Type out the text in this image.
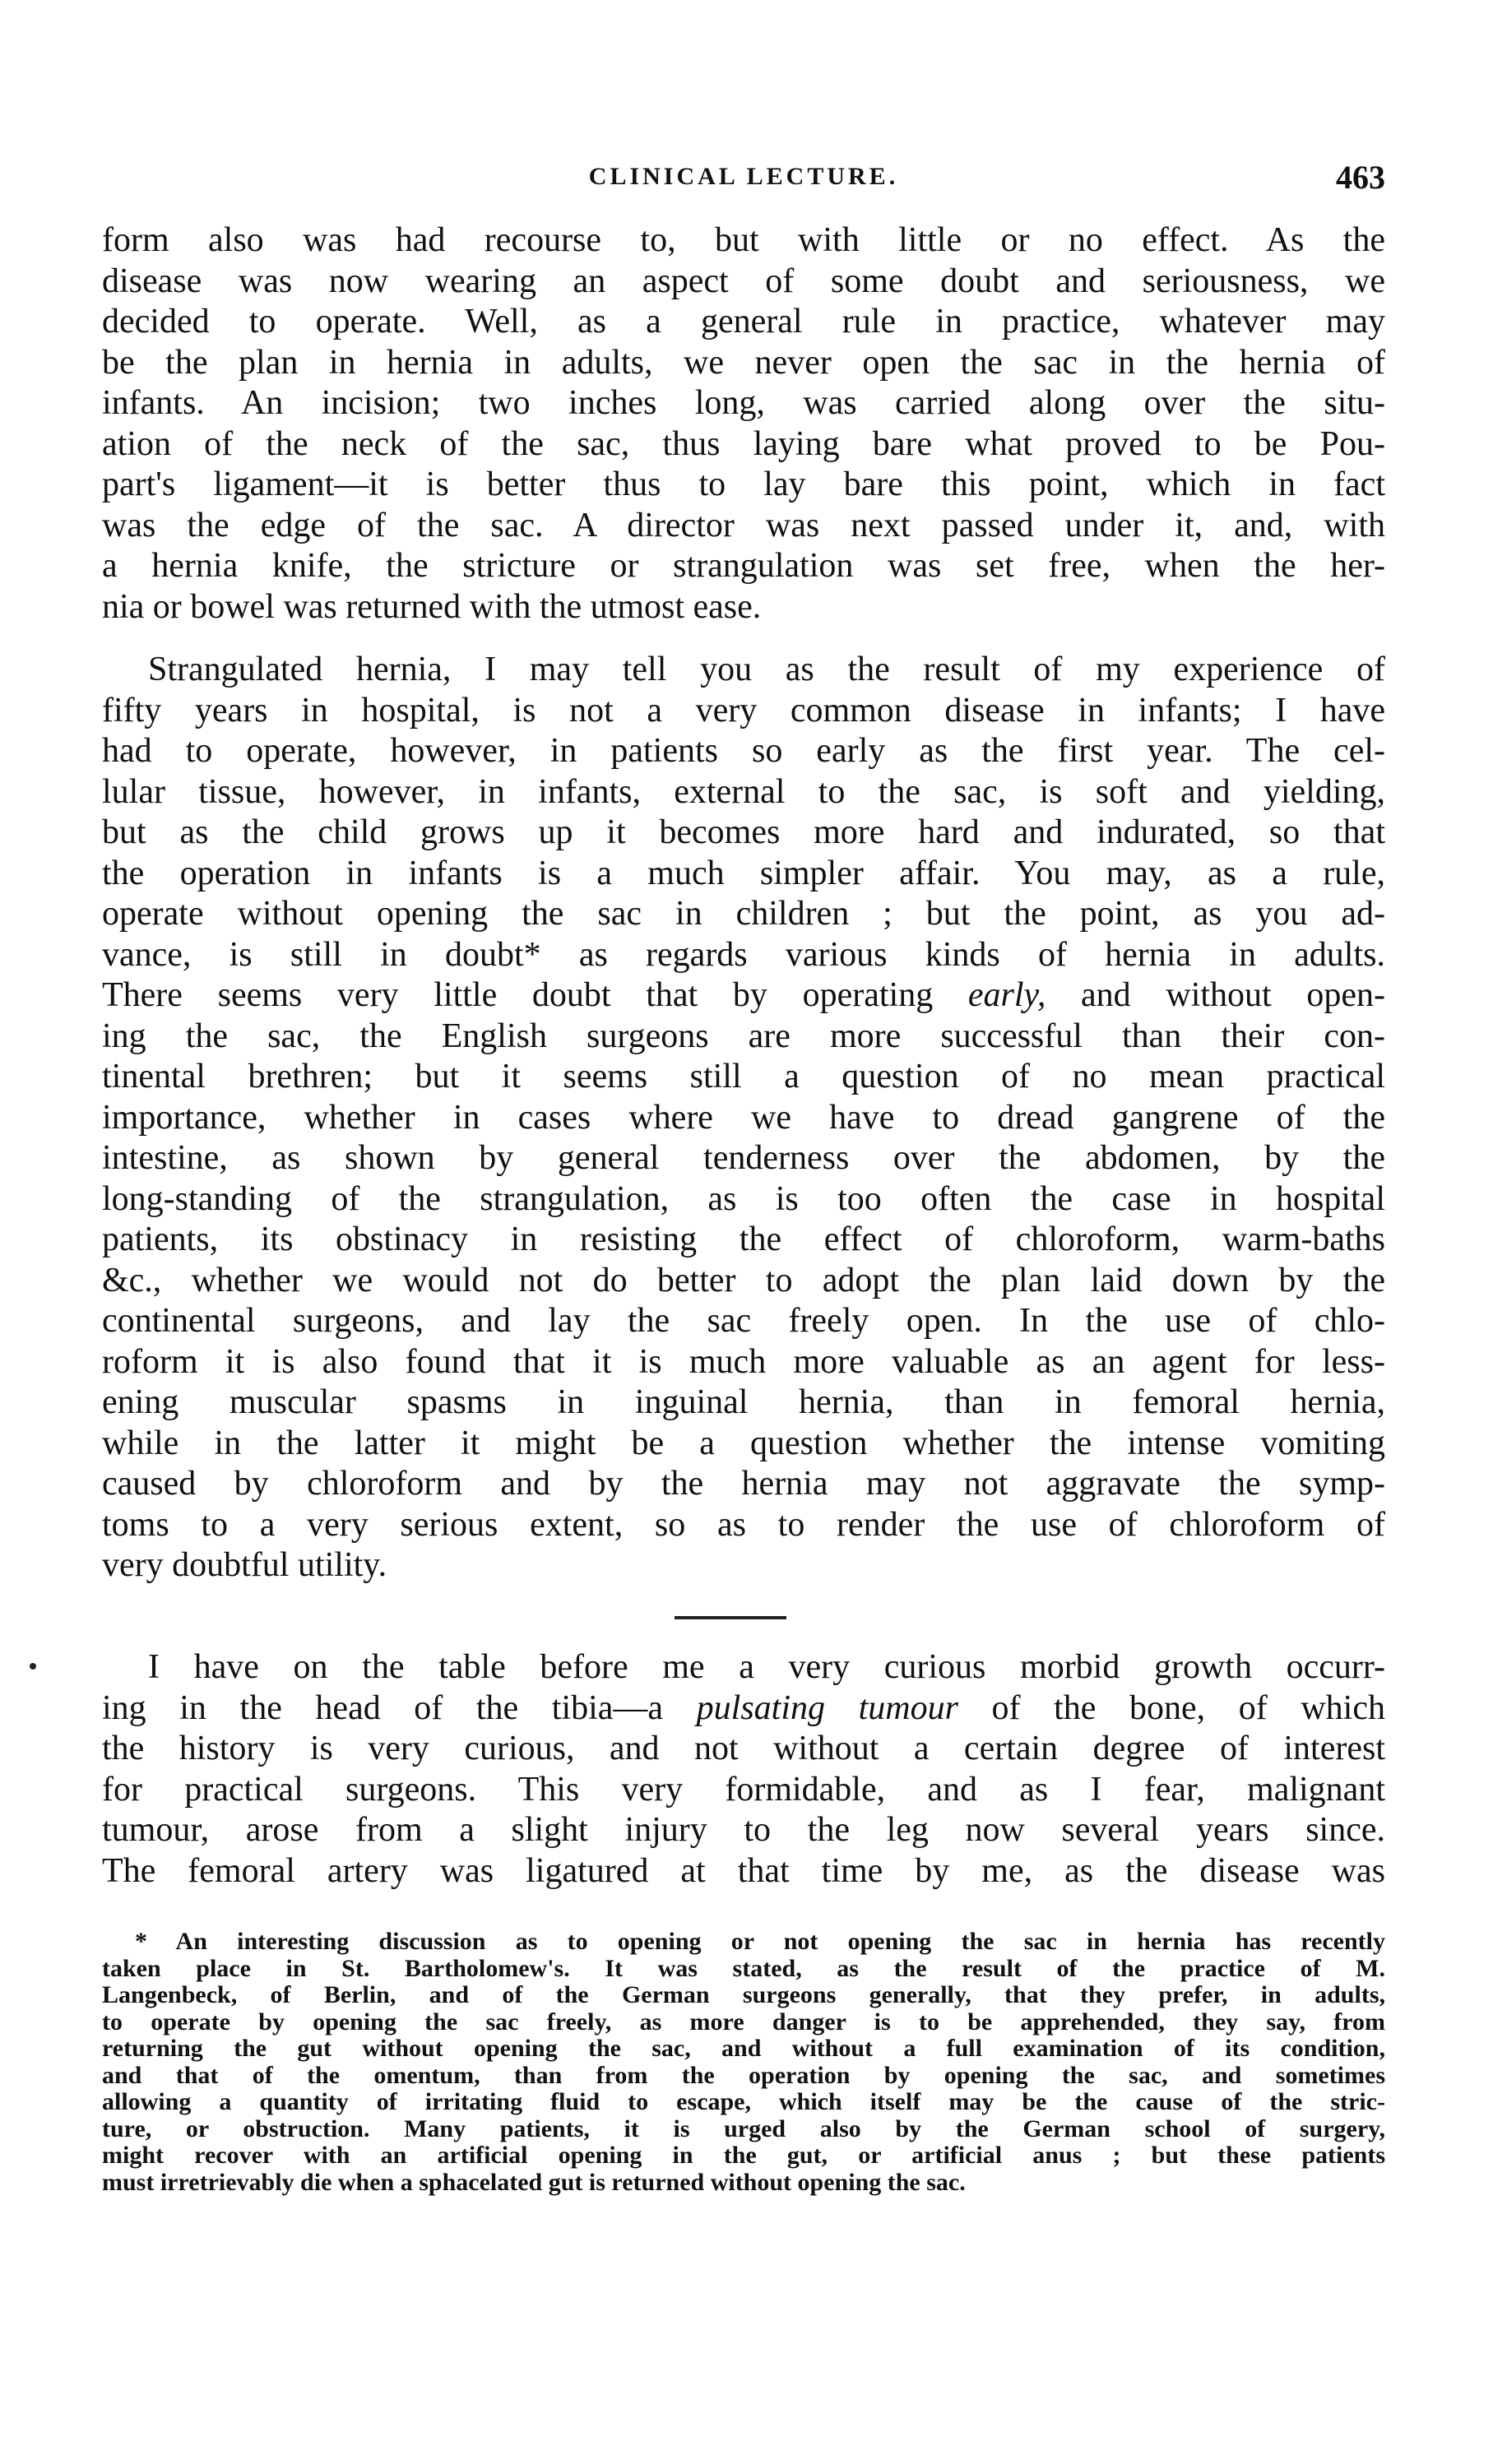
CLINICAL LECTURE.	463
form also was had recourse to, but with little or no effect. As the
disease was now wearing an aspect of some doubt and seriousness, we
decided to operate. Well, as a general rule in practice, whatever may
be the plan in hernia in adults, we never open the sac in the hernia of
infants. An incision; two inches long, was carried along over the situ-
ation of the neck of the sac, thus laying bare what proved to be Pou-
part's ligament—it is better thus to lay bare this point, which in fact
was the edge of the sac. A director was next passed under it, and, with
a hernia knife, the stricture or strangulation was set free, when the her-
nia or bowel was returned with the utmost ease.
Strangulated hernia, I may tell you as the result of my experience of
fifty years in hospital, is not a very common disease in infants; I have
had to operate, however, in patients so early as the first year. The cel-
lular tissue, however, in infants, external to the sac, is soft and yielding,
but as the child grows up it becomes more hard and indurated, so that
the operation in infants is a much simpler affair. You may, as a rule,
operate without opening the sac in children ; but the point, as you ad-
vance, is still in doubt* as regards various kinds of hernia in adults.
There seems very little doubt that by operating early, and without open-
ing the sac, the English surgeons are more successful than their con-
tinental brethren; but it seems still a question of no mean practical
importance, whether in cases where we have to dread gangrene of the
intestine, as shown by general tenderness over the abdomen, by the
long-standing of the strangulation, as is too often the case in hospital
patients, its obstinacy in resisting the effect of chloroform, warm-baths
&c., whether we would not do better to adopt the plan laid down by the
continental surgeons, and lay the sac freely open. In the use of chlo-
roform it is also found that it is much more valuable as an agent for less-
ening muscular spasms in inguinal hernia, than in femoral hernia,
while in the latter it might be a question whether the intense vomiting
caused by chloroform and by the hernia may not aggravate the symp-
toms to a very serious extent, so as to render the use of chloroform of
very doubtful utility.
I have on the table before me a very curious morbid growth occurr-
ing in the head of the tibia—a pulsating tumour of the bone, of which
the history is very curious, and not without a certain degree of interest
for practical surgeons. This very formidable, and as I fear, malignant
tumour, arose from a slight injury to the leg now several years since.
The femoral artery was ligatured at that time by me, as the disease was
* An interesting discussion as to opening or not opening the sac in hernia has recently
taken place in St. Bartholomew's. It was stated, as the result of the practice of M.
Langenbeck, of Berlin, and of the German surgeons generally, that they prefer, in adults,
to operate by opening the sac freely, as more danger is to be apprehended, they say, from
returning the gut without opening the sac, and without a full examination of its condition,
and that of the omentum, than from the operation by opening the sac, and sometimes
allowing a quantity of irritating fluid to escape, which itself may be the cause of the stric-
ture, or obstruction. Many patients, it is urged also by the German school of surgery,
might recover with an artificial opening in the gut, or artificial anus ; but these patients
must irretrievably die when a sphacelated gut is returned without opening the sac.
